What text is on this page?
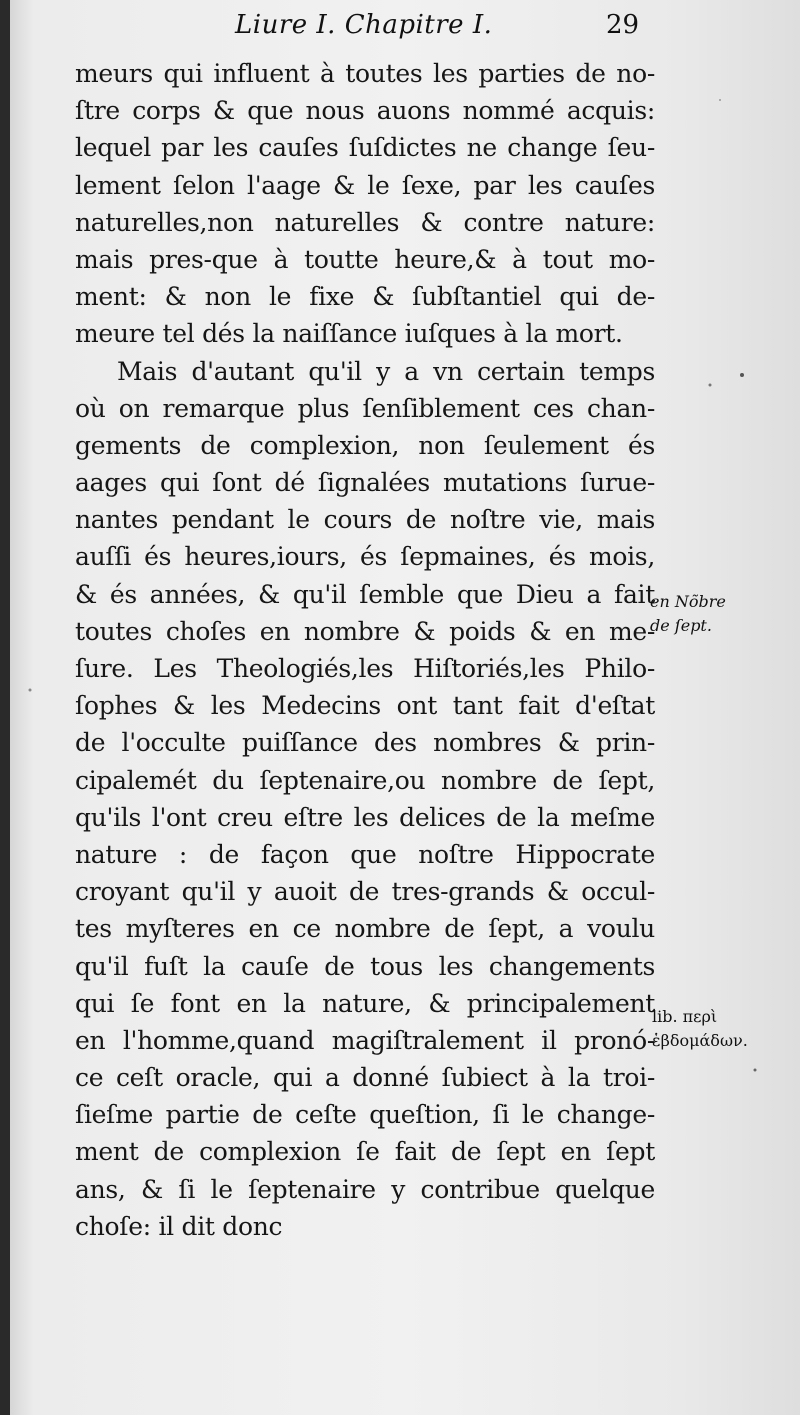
Liure I. Chapitre I.	29
meurs qui influent à toutes les parties de no-
ſtre corps & que nous auons nommé acquis:
lequel par les cauſes ſuſdictes ne change ſeu-
lement ſelon l'aage & le ſexe, par les cauſes
naturelles,non naturelles & contre nature:
mais pres-que à toutte heure,& à tout mo-
ment: & non le fixe & ſubſtantiel qui de-
meure tel dés la naiſſance iuſques à la mort.
Mais d'autant qu'il y a vn certain temps
où on remarque plus ſenſiblement ces chan-
gements de complexion, non ſeulement és
aages qui ſont dé ſignalées mutations ſurue-
nantes pendant le cours de noſtre vie, mais
auſſi és heures,iours, és ſepmaines, és mois,
& és années, & qu'il ſemble que Dieu a fait
toutes choſes en nombre & poids & en me-
ſure. Les Theologiés,les Hiſtoriés,les Philo-
ſophes & les Medecins ont tant fait d'eſtat
de l'occulte puiſſance des nombres & prin-
cipalemét du ſeptenaire,ou nombre de ſept,
qu'ils l'ont creu eſtre les delices de la meſme
nature : de façon que noſtre Hippocrate
croyant qu'il y auoit de tres-grands & occul-
tes myſteres en ce nombre de ſept, a voulu
qu'il fuſt la cauſe de tous les changements
qui ſe font en la nature, & principalement
en l'homme,quand magiſtralement il pronó-
ce ceſt oracle, qui a donné ſubiect à la troi-
ſieſme partie de ceſte queſtion, ſi le change-
ment de complexion ſe fait de ſept en ſept
ans, & ſi le ſeptenaire y contribue quelque
choſe: il dit donc
en Nõbre
de ſept.
lib. περὶ
ἑβδομάδων.
